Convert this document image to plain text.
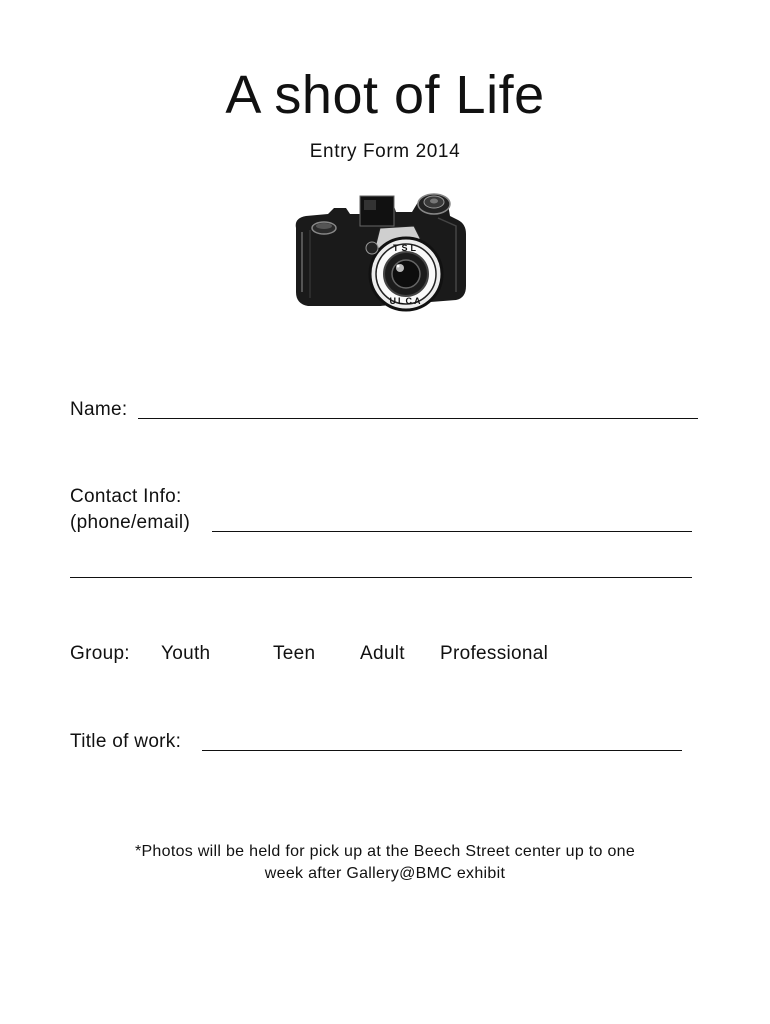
A shot of Life
Entry Form 2014
TSL
ULCA
Name:
Contact Info:
(phone/email)
Group: Youth	Teen Adult Professional
Title of work:
*Photos will be held for pick up at the Beech Street center up to one
week after Gallery@BMC exhibit
